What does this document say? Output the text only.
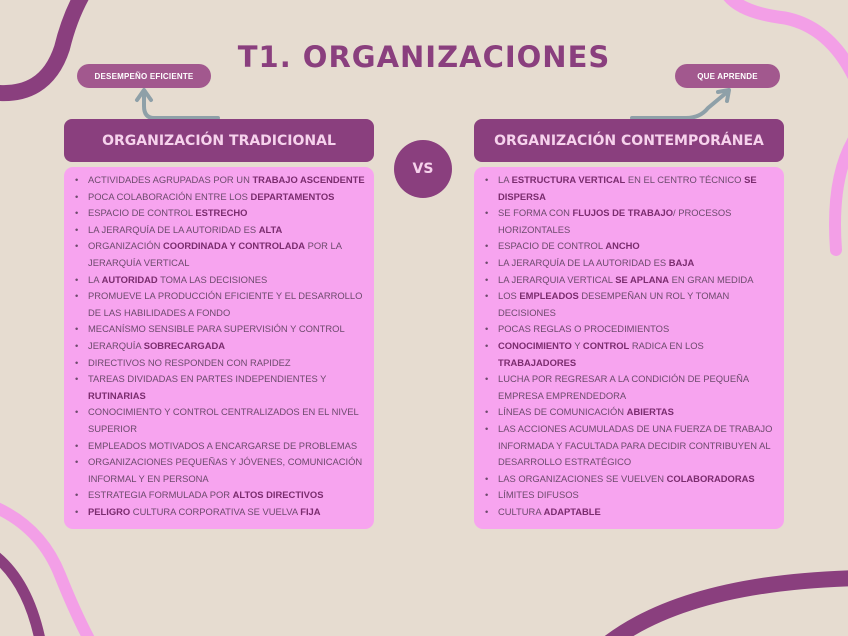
T1. ORGANIZACIONES
DESEMPEÑO EFICIENTE	QUE APRENDE
ORGANIZACIÓN TRADICIONAL	ORGANIZACIÓN CONTEMPORÁNEA
VS
• ACTIVIDADES AGRUPADAS POR UN TRABAJO ASCENDENTE
• POCA COLABORACIÓN ENTRE LOS DEPARTAMENTOS
• ESPACIO DE CONTROL ESTRECHO
• LA JERARQUÍA DE LA AUTORIDAD ES ALTA
• ORGANIZACIÓN COORDINADA Y CONTROLADA POR LA JERARQUÍA VERTICAL
• LA AUTORIDAD TOMA LAS DECISIONES
• PROMUEVE LA PRODUCCIÓN EFICIENTE Y EL DESARROLLO DE LAS HABILIDADES A FONDO
• MECANÍSMO SENSIBLE PARA SUPERVISIÓN Y CONTROL
• JERARQUÍA SOBRECARGADA
• DIRECTIVOS NO RESPONDEN CON RAPIDEZ
• TAREAS DIVIDADAS EN PARTES INDEPENDIENTES Y RUTINARIAS
• CONOCIMIENTO Y CONTROL CENTRALIZADOS EN EL NIVEL SUPERIOR
• EMPLEADOS MOTIVADOS A ENCARGARSE DE PROBLEMAS
• ORGANIZACIONES PEQUEÑAS Y JÓVENES, COMUNICACIÓN INFORMAL Y EN PERSONA
• ESTRATEGIA FORMULADA POR ALTOS DIRECTIVOS
• PELIGRO CULTURA CORPORATIVA SE VUELVA FIJA
• LA ESTRUCTURA VERTICAL EN EL CENTRO TÉCNICO SE DISPERSA
• SE FORMA CON FLUJOS DE TRABAJO/ PROCESOS HORIZONTALES
• ESPACIO DE CONTROL ANCHO
• LA JERARQUÍA DE LA AUTORIDAD ES BAJA
• LA JERARQUIA VERTICAL SE APLANA EN GRAN MEDIDA
• LOS EMPLEADOS DESEMPEÑAN UN ROL Y TOMAN DECISIONES
• POCAS REGLAS O PROCEDIMIENTOS
• CONOCIMIENTO Y CONTROL RADICA EN LOS TRABAJADORES
• LUCHA POR REGRESAR A LA CONDICIÓN DE PEQUEÑA EMPRESA EMPRENDEDORA
• LÍNEAS DE COMUNICACIÓN ABIERTAS
• LAS ACCIONES ACUMULADAS DE UNA FUERZA DE TRABAJO INFORMADA Y FACULTADA PARA DECIDIR CONTRIBUYEN AL DESARROLLO ESTRATÉGICO
• LAS ORGANIZACIONES SE VUELVEN COLABORADORAS
• LÍMITES DIFUSOS
• CULTURA ADAPTABLE
